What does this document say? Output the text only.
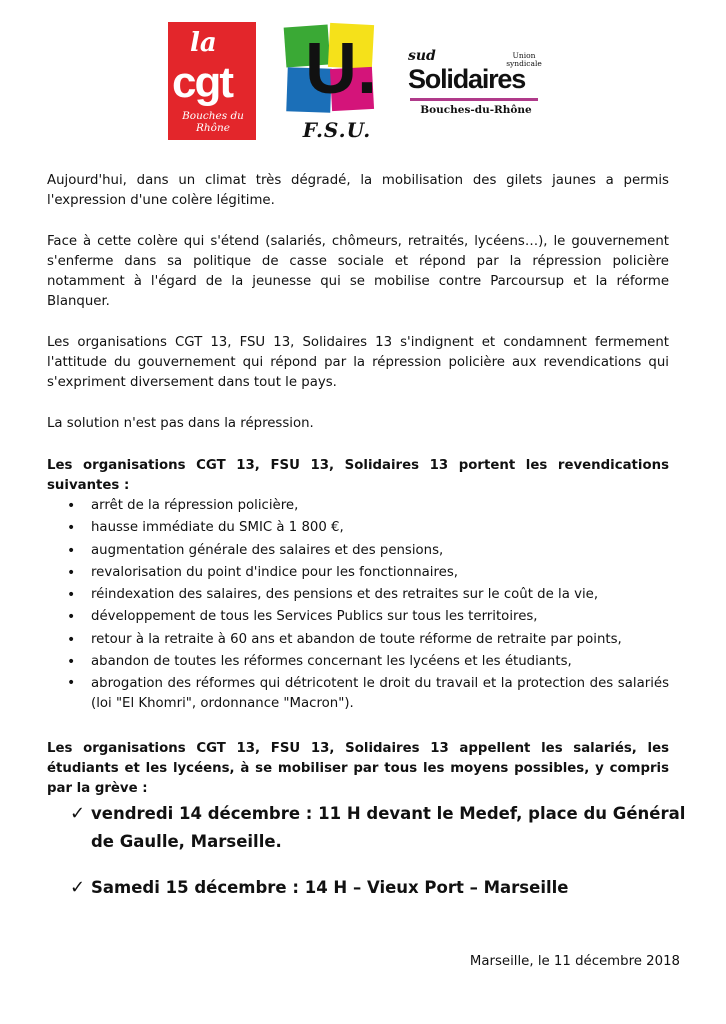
la
cgt
Bouches du Rhône
U.
F.S.U.
sud	Union syndicale
Solidaires
Bouches-du-Rhône

Aujourd'hui, dans un climat très dégradé, la mobilisation des gilets jaunes a permis l'expression d'une colère légitime.

Face à cette colère qui s'étend (salariés, chômeurs, retraités, lycéens…), le gouvernement s'enferme dans sa politique de casse sociale et répond par la répression policière notamment à l'égard de la jeunesse qui se mobilise contre Parcoursup et la réforme Blanquer.

Les organisations CGT 13, FSU 13, Solidaires 13 s'indignent et condamnent fermement l'attitude du gouvernement qui répond par la répression policière aux revendications qui s'expriment diversement dans tout le pays.

La solution n'est pas dans la répression.

Les organisations CGT 13, FSU 13, Solidaires 13 portent les revendications suivantes :

• arrêt de la répression policière,
• hausse immédiate du SMIC à 1 800 €,
• augmentation générale des salaires et des pensions,
• revalorisation du point d'indice pour les fonctionnaires,
• réindexation des salaires, des pensions et des retraites sur le coût de la vie,
• développement de tous les Services Publics sur tous les territoires,
• retour à la retraite à 60 ans et abandon de toute réforme de retraite par points,
• abandon de toutes les réformes concernant les lycéens et les étudiants,
• abrogation des réformes qui détricotent le droit du travail et la protection des salariés (loi "El Khomri", ordonnance "Macron").

Les organisations CGT 13, FSU 13, Solidaires 13 appellent les salariés, les étudiants et les lycéens, à se mobiliser par tous les moyens possibles, y compris par la grève :

✓ vendredi 14 décembre : 11 H devant le Medef, place du Général de Gaulle, Marseille.
✓ Samedi 15 décembre : 14 H – Vieux Port – Marseille
Marseille, le 11 décembre 2018
